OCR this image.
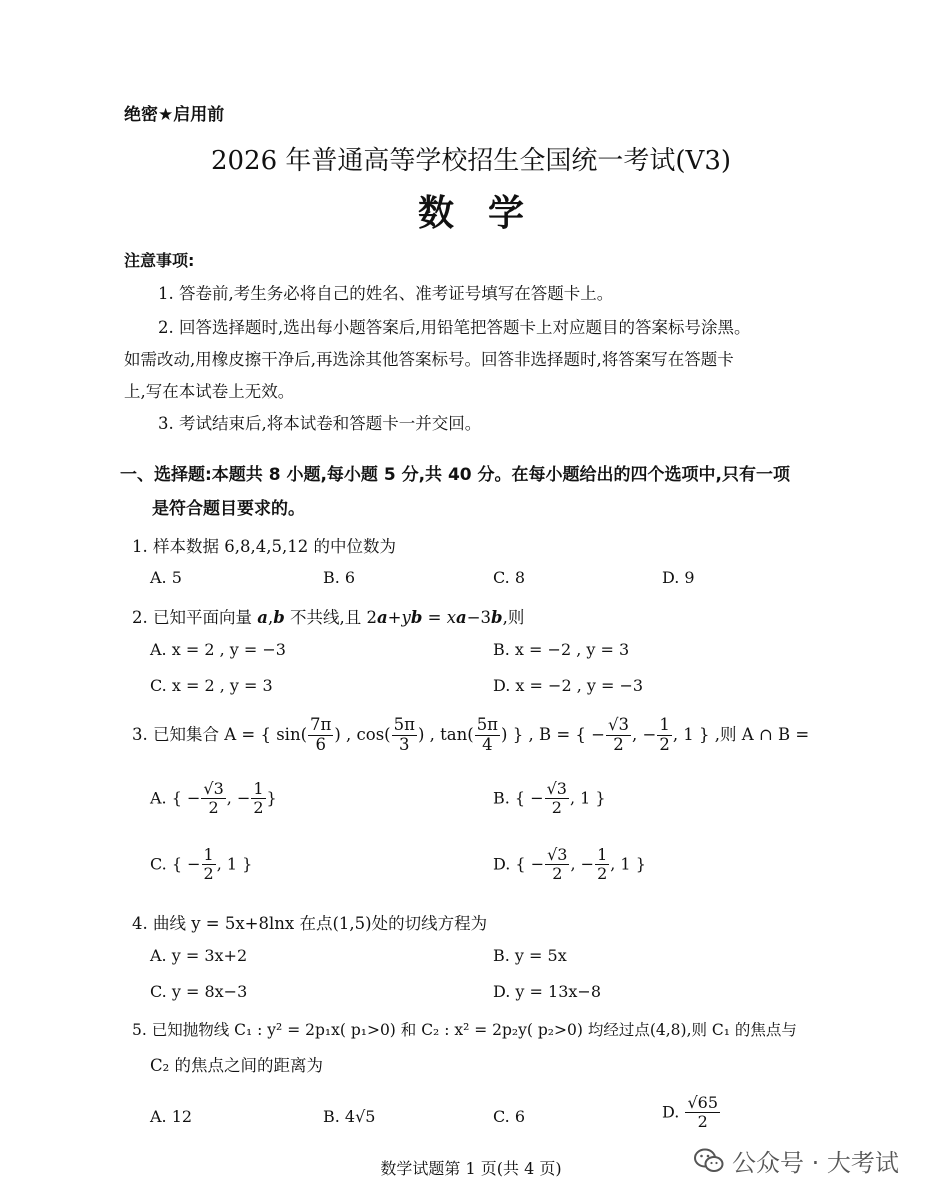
绝密★启用前
2026 年普通高等学校招生全国统一考试(V3)
数学
注意事项:
1. 答卷前,考生务必将自己的姓名、准考证号填写在答题卡上。
2. 回答选择题时,选出每小题答案后,用铅笔把答题卡上对应题目的答案标号涂黑。
如需改动,用橡皮擦干净后,再选涂其他答案标号。回答非选择题时,将答案写在答题卡
上,写在本试卷上无效。
3. 考试结束后,将本试卷和答题卡一并交回。
一、选择题:本题共 8 小题,每小题 5 分,共 40 分。在每小题给出的四个选项中,只有一项
是符合题目要求的。
1. 样本数据 6,8,4,5,12 的中位数为
A. 5	B. 6	C. 8	D. 9
2. 已知平面向量 a,b 不共线,且 2a+yb = xa−3b,则
A. x = 2 , y = −3	B. x = −2 , y = 3
C. x = 2 , y = 3	D. x = −2 , y = −3
3. 已知集合 A = { $\sin( \frac{7\pi}{6}$ ) , $\cos( \frac{5\pi}{3}$ ) , $\tan( \frac{5\pi}{4}$ ) } , B = { − $\frac{√3}{2}$ , − $\frac{1}{2}$ , 1 } ,则 A ∩ B =
A. { − $\frac{√3}{2}$ , − $\frac{1}{2}$ }	B. { − $\frac{√3}{2}$ , 1 }
C. { − $\frac{1}{2}$ , 1 }	D. { − $\frac{√3}{2}$ , − $\frac{1}{2}$ , 1 }
4. 曲线 y = 5x+8lnx 在点(1,5)处的切线方程为
A. y = 3x+2	B. y = 5x
C. y = 8x−3	D. y = 13x−8
5. 已知抛物线 C₁ : y² = 2p₁x( p₁>0) 和 C₂ : x² = 2p₂y( p₂>0) 均经过点(4,8),则 C₁ 的焦点与
C₂ 的焦点之间的距离为
A. 12	B. 4√5	C. 6	D. $\frac{√65}{2}$
数学试题第 1 页(共 4 页)	公众号 · 大考试
